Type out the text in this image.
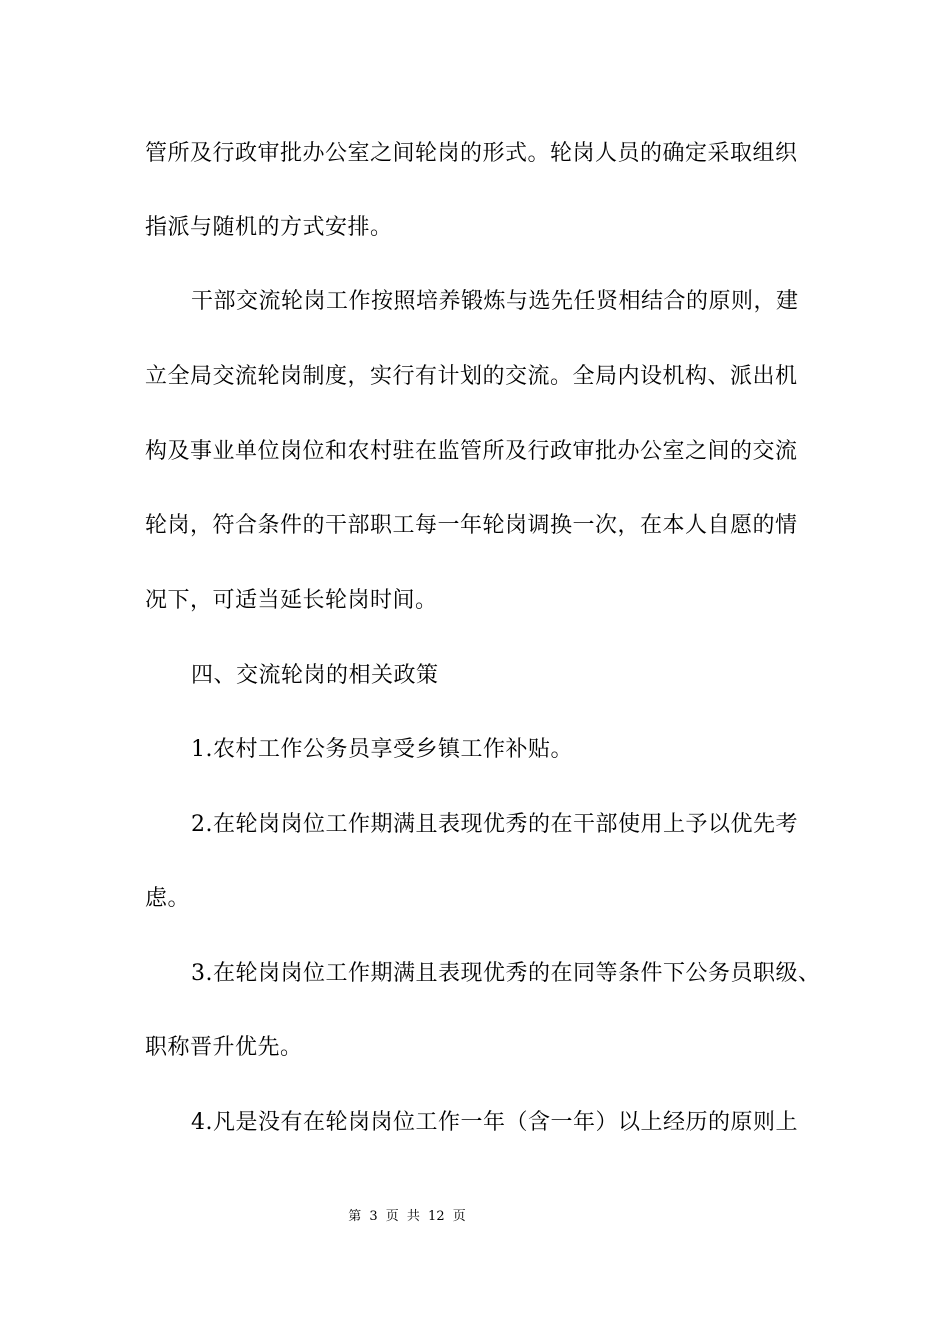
管所及行政审批办公室之间轮岗的形式。轮岗人员的确定采取组织
指派与随机的方式安排。
干部交流轮岗工作按照培养锻炼与选先任贤相结合的原则，建
立全局交流轮岗制度，实行有计划的交流。全局内设机构、派出机
构及事业单位岗位和农村驻在监管所及行政审批办公室之间的交流
轮岗，符合条件的干部职工每一年轮岗调换一次，在本人自愿的情
况下，可适当延长轮岗时间。
四、交流轮岗的相关政策
1.农村工作公务员享受乡镇工作补贴。
2.在轮岗岗位工作期满且表现优秀的在干部使用上予以优先考
虑。
3.在轮岗岗位工作期满且表现优秀的在同等条件下公务员职级、
职称晋升优先。
4.凡是没有在轮岗岗位工作一年（含一年）以上经历的原则上
第 3 页 共 12 页
